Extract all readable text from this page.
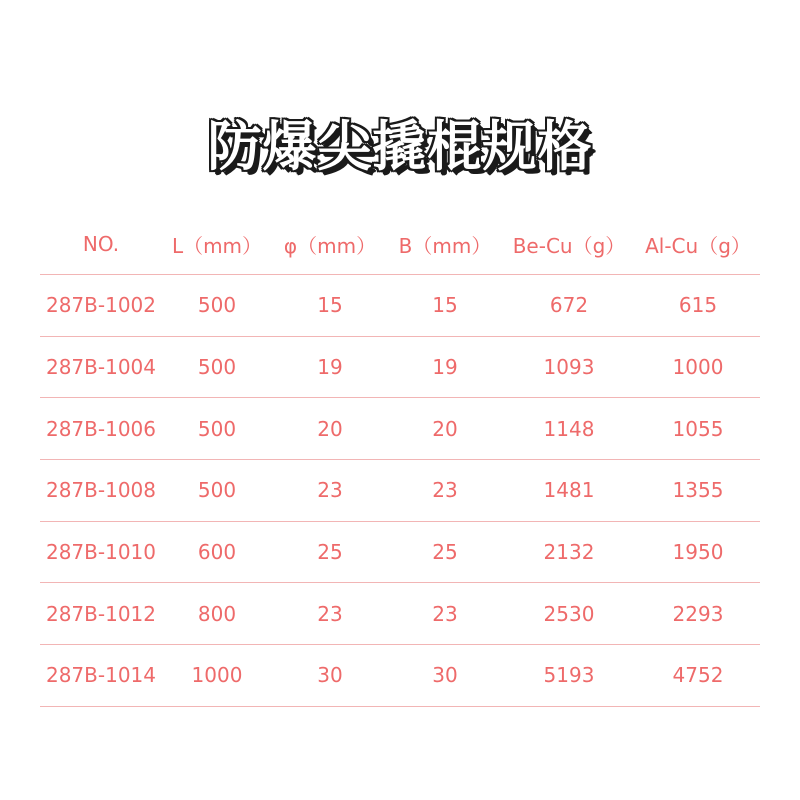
防爆尖撬棍规格
NO.	L（mm）	φ（mm）	B（mm）	Be-Cu（g） Al-Cu（g）
287B-1002	500	15	15	672	615
287B-1004	500	19	19	1093	1000
287B-1006	500	20	20	1148	1055
287B-1008	500	23	23	1481	1355
287B-1010	600	25	25	2132	1950
287B-1012	800	23	23	2530	2293
287B-1014	1000	30	30	5193	4752
